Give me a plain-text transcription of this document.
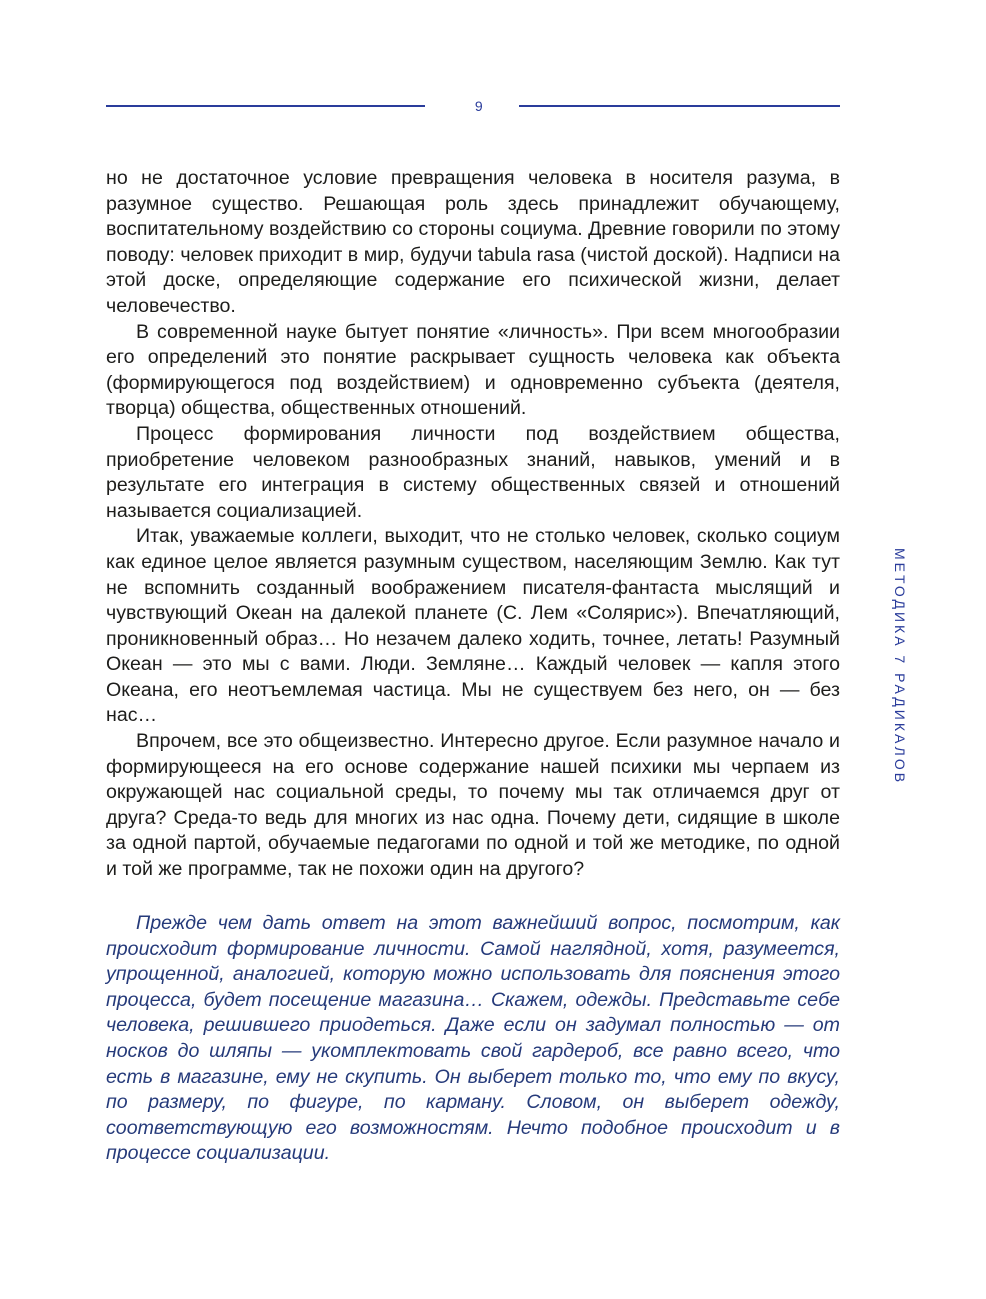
9
МЕТОДИКА 7 РАДИКАЛОВ

но не достаточное условие превращения человека в носителя разума, в разумное существо. Решающая роль здесь принадлежит обучающему, воспитательному воздействию со стороны социума. Древние говорили по этому поводу: человек приходит в мир, будучи tabula rasa (чистой доской). Надписи на этой доске, определяющие содержание его психической жизни, делает человечество.

В современной науке бытует понятие «личность». При всем многообразии его определений это понятие раскрывает сущность человека как объекта (формирующегося под воздействием) и одновременно субъекта (деятеля, творца) общества, общественных отношений.

Процесс формирования личности под воздействием общества, приобретение человеком разнообразных знаний, навыков, умений и в результате его интеграция в систему общественных связей и отношений называется социализацией.

Итак, уважаемые коллеги, выходит, что не столько человек, сколько социум как единое целое является разумным существом, населяющим Землю. Как тут не вспомнить созданный воображением писателя-фантаста мыслящий и чувствующий Океан на далекой планете (С. Лем «Солярис»). Впечатляющий, проникновенный образ… Но незачем далеко ходить, точнее, летать! Разумный Океан — это мы с вами. Люди. Земляне… Каждый человек — капля этого Океана, его неотъемлемая частица. Мы не существуем без него, он — без нас…

Впрочем, все это общеизвестно. Интересно другое. Если разумное начало и формирующееся на его основе содержание нашей психики мы черпаем из окружающей нас социальной среды, то почему мы так отличаемся друг от друга? Среда-то ведь для многих из нас одна. Почему дети, сидящие в школе за одной партой, обучаемые педагогами по одной и той же методике, по одной и той же программе, так не похожи один на другого?

Прежде чем дать ответ на этот важнейший вопрос, посмотрим, как происходит формирование личности. Самой наглядной, хотя, разумеется, упрощенной, аналогией, которую можно использовать для пояснения этого процесса, будет посещение магазина… Скажем, одежды. Представьте себе человека, решившего приодеться. Даже если он задумал полностью — от носков до шляпы — укомплектовать свой гардероб, все равно всего, что есть в магазине, ему не скупить. Он выберет только то, что ему по вкусу, по размеру, по фигуре, по карману. Словом, он выберет одежду, соответствующую его возможностям. Нечто подобное происходит и в процессе социализации.
